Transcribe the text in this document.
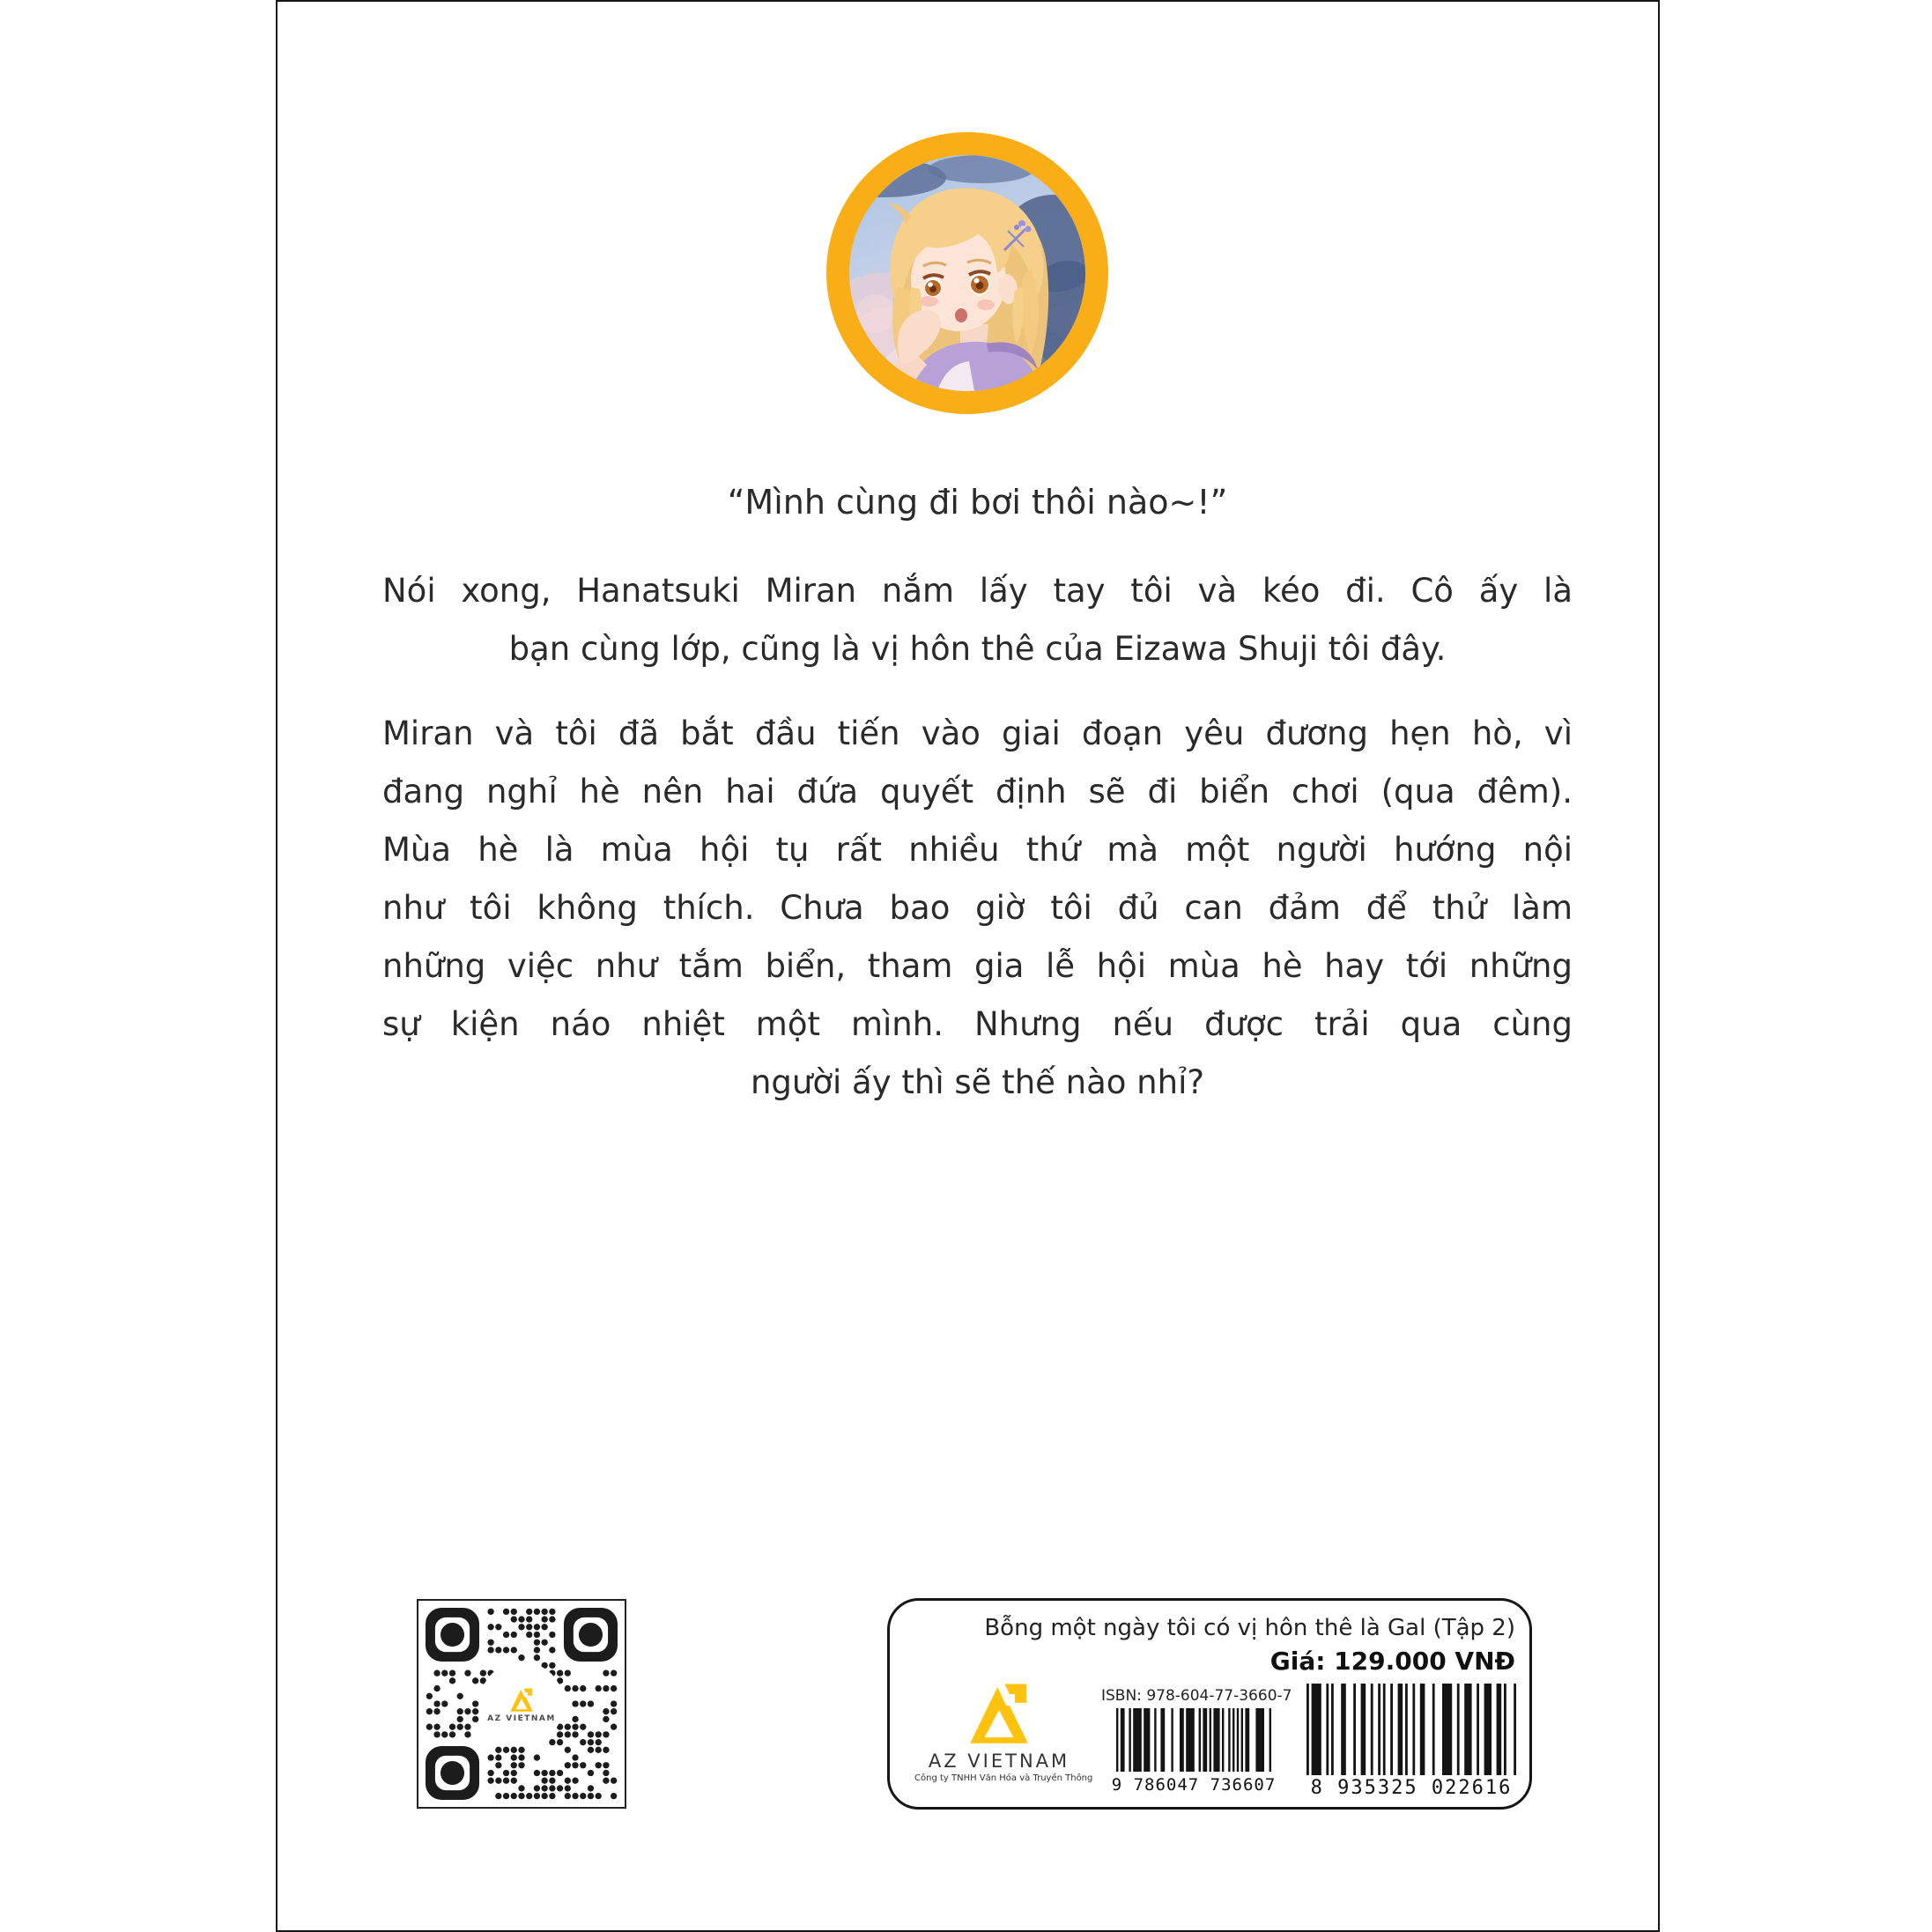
“Mình cùng đi bơi thôi nào~!”
Nói xong, Hanatsuki Miran nắm lấy tay tôi và kéo đi. Cô ấy là
bạn cùng lớp, cũng là vị hôn thê của Eizawa Shuji tôi đây.
Miran và tôi đã bắt đầu tiến vào giai đoạn yêu đương hẹn hò, vì
đang nghỉ hè nên hai đứa quyết định sẽ đi biển chơi (qua đêm).
Mùa hè là mùa hội tụ rất nhiều thứ mà một người hướng nội
như tôi không thích. Chưa bao giờ tôi đủ can đảm để thử làm
những việc như tắm biển, tham gia lễ hội mùa hè hay tới những
sự kiện náo nhiệt một mình. Nhưng nếu được trải qua cùng
người ấy thì sẽ thế nào nhỉ?
AZ VIETNAM
Bỗng một ngày tôi có vị hôn thê là Gal (Tập 2)
Giá: 129.000 VNĐ
AZ VIETNAM
Công ty TNHH Văn Hóa và Truyền Thông
ISBN: 978-604-77-3660-7
9 786047 736607	8 935325 022616
